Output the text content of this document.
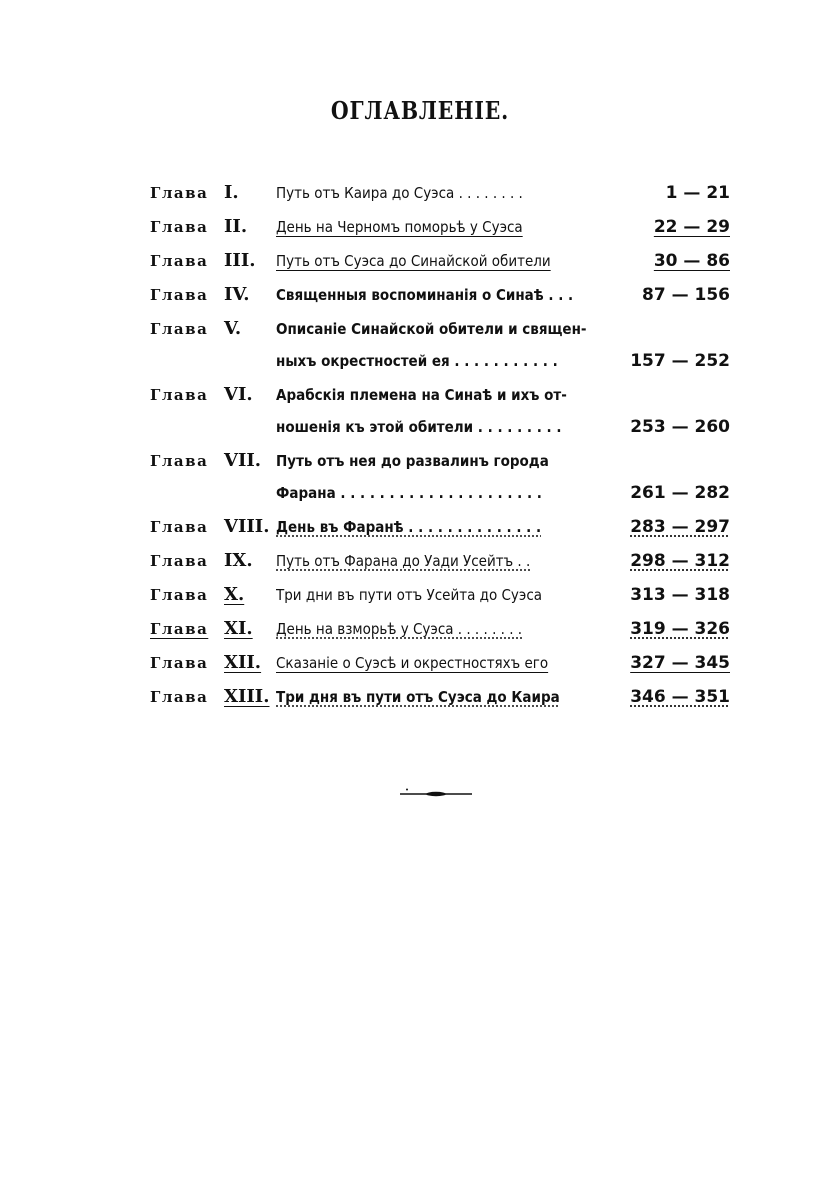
ОГЛАВЛЕНІЕ.
Глава I.	Путь отъ Каира до Суэса . . . . . . . .	1 — 21
Глава II.	День на Черномъ поморьѣ у Суэса	22 — 29
Глава III.	Путь отъ Суэса до Синайской обители	30 — 86
Глава IV.	Священныя воспоминанія о Синаѣ . . .	87 — 156
Глава V.	Описаніе Синайской обители и священ-
ныхъ окрестностей ея . . . . . . . . . . .	157 — 252
Глава VI.	Арабскія племена на Синаѣ и ихъ от-
ношенія къ этой обители . . . . . . . . .	253 — 260
Глава VII. Путь отъ нея до развалинъ города
Фарана . . . . . . . . . . . . . . . . . . . . .	261 — 282
Глава VIII. День въ Фаранѣ . . . . . . . . . . . . . .	283 — 297
Глава IX.	Путь отъ Фарана до Уади Усейтъ . .	298 — 312
Глава X.	Три дни въ пути отъ Усейта до Суэса	313 — 318
Глава XI.	День на взморьѣ у Суэса . . . . . . . .	319 — 326
Глава XII. Сказаніе о Суэсѣ и окрестностяхъ его	327 — 345
Глава XIII. Три дня въ пути отъ Суэса до Каира	346 — 351
